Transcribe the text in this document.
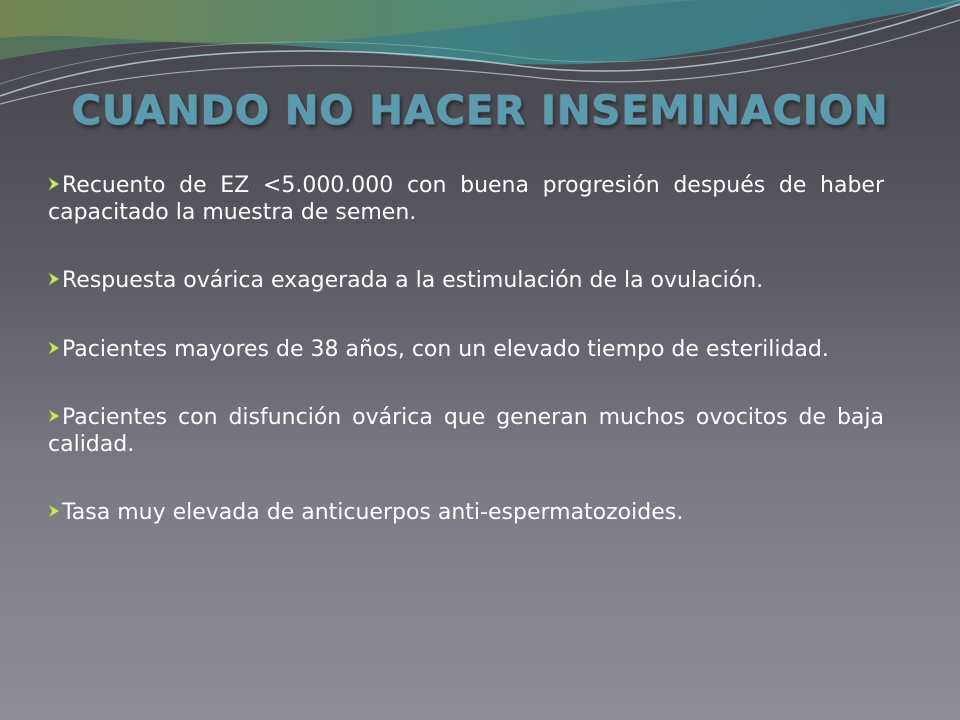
CUANDO NO HACER INSEMINACION
Recuento de EZ <5.000.000 con buena progresión después de haber capacitado la muestra de semen.
Respuesta ovárica exagerada a la estimulación de la ovulación.
Pacientes mayores de 38 años, con un elevado tiempo de esterilidad.
Pacientes con disfunción ovárica que generan muchos ovocitos de baja calidad.
Tasa muy elevada de anticuerpos anti-espermatozoides.
